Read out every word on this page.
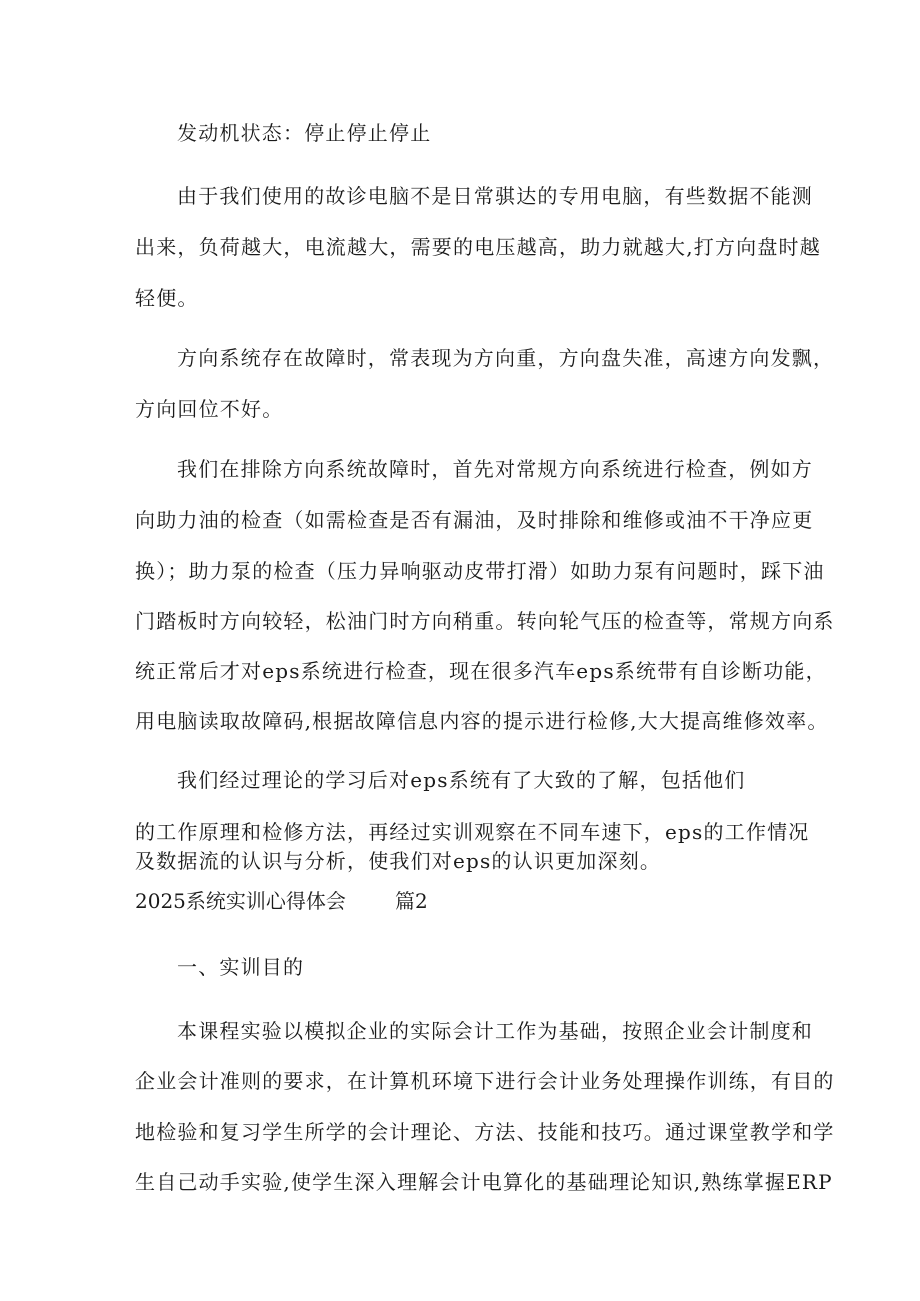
发动机状态：停止停止停止
由于我们使用的故诊电脑不是日常骐达的专用电脑，有些数据不能测
出来，负荷越大，电流越大，需要的电压越高，助力就越大,打方向盘时越
轻便。
方向系统存在故障时，常表现为方向重，方向盘失准，高速方向发飘，
方向回位不好。
我们在排除方向系统故障时，首先对常规方向系统进行检查，例如方
向助力油的检查（如需检查是否有漏油，及时排除和维修或油不干净应更
换）；助力泵的检查（压力异响驱动皮带打滑）如助力泵有问题时，踩下油
门踏板时方向较轻，松油门时方向稍重。转向轮气压的检查等，常规方向系
统正常后才对eps系统进行检查，现在很多汽车eps系统带有自诊断功能，
用电脑读取故障码,根据故障信息内容的提示进行检修,大大提高维修效率。
我们经过理论的学习后对eps系统有了大致的了解，包括他们
的工作原理和检修方法，再经过实训观察在不同车速下，eps的工作情况
及数据流的认识与分析，使我们对eps的认识更加深刻。
2025系统实训心得体会 篇2
一、实训目的
本课程实验以模拟企业的实际会计工作为基础，按照企业会计制度和
企业会计准则的要求，在计算机环境下进行会计业务处理操作训练，有目的
地检验和复习学生所学的会计理论、方法、技能和技巧。通过课堂教学和学
生自己动手实验,使学生深入理解会计电算化的基础理论知识,熟练掌握ERP
